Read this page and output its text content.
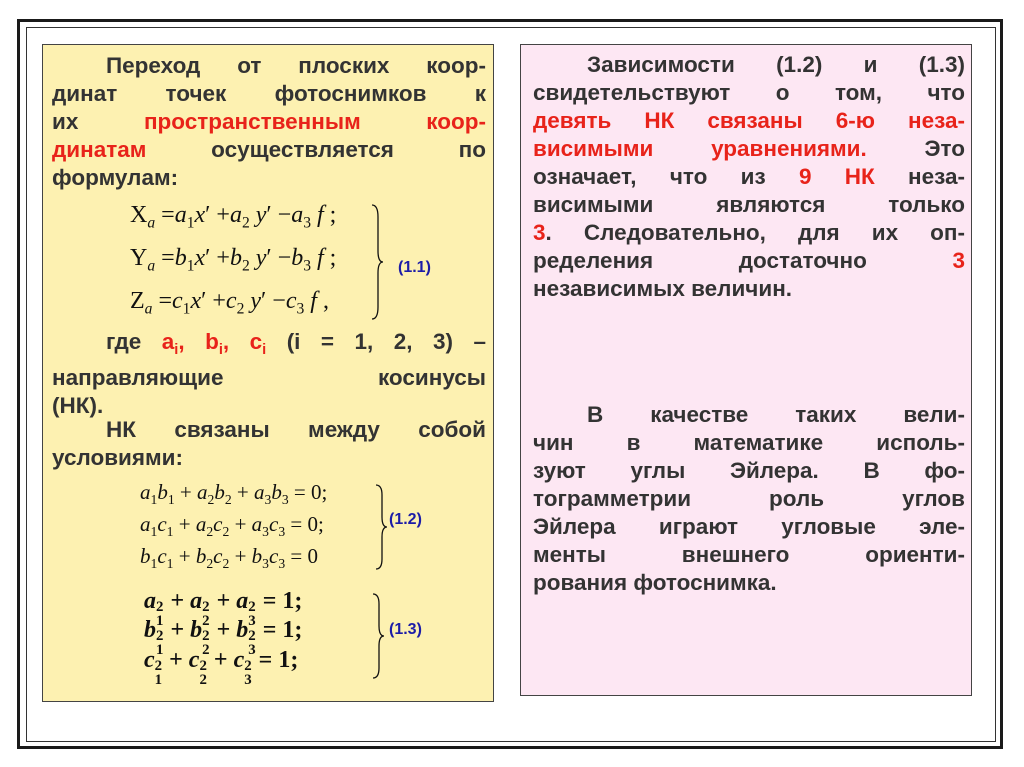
Переход от плоских коор-
динат точек фотоснимков к
их пространственным коор-
динатам осуществляется по
формулам:
$X_a =a_1x' +a_2$ $y' -a_3$ f ;
$Y_a =b_1x' +b_2$ $y' -b_3$ f ;
$Z_a =c_1x' +c_2$ $y' -c_3$ f ,
(1.1)
где $a_i$, $b_i$, $c_i$ (i = 1, 2, 3) –
направляющие косинусы
(НК).
НК связаны между собой
условиями:
$a_1b_1 + a_2b_2 + a_3b_3 = 0$;
$a_1c_1 + a_2c_2 + a_3c_3 = 0$;
$b_1c_1 + b_2c_2 + b_3c_3 = 0$
(1.2)
a 2
1
+ a 2
2
+ a 2
3
= 1;
b 2
1
+ b 2
2
+ b 2
3
= 1;
c 2
1
+ c 2
2
+ c 2
3
= 1;
(1.3)
Зависимости (1.2) и (1.3)
свидетельствуют о том, что
девять НК связаны 6-ю неза-
висимыми уравнениями. Это
означает, что из 9 НК неза-
висимыми являются только
3. Следовательно, для их оп-
ределения достаточно 3
независимых величин.
В качестве таких вели-
чин в математике исполь-
зуют углы Эйлера. В фо-
тограмметрии роль углов
Эйлера играют угловые эле-
менты внешнего ориенти-
рования фотоснимка.
